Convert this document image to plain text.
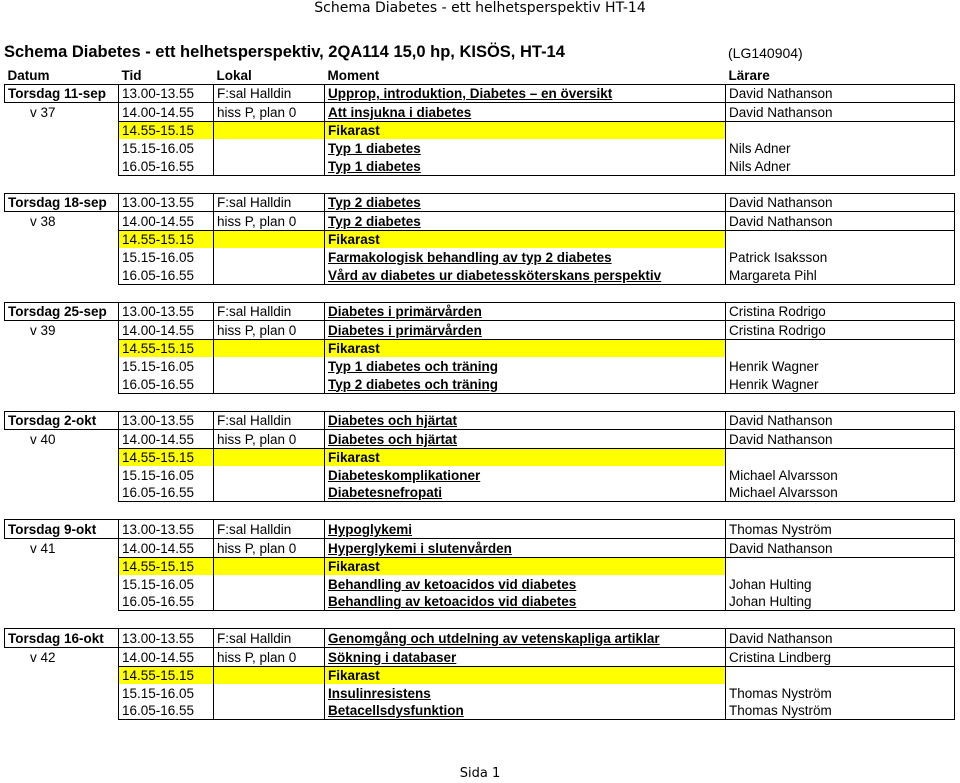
Schema Diabetes - ett helhetsperspektiv HT-14
Schema Diabetes - ett helhetsperspektiv, 2QA114 15,0 hp, KISÖS, HT-14	(LG140904)
Datum	Tid	Lokal	Moment	Lärare
Torsdag 11-sep	13.00-13.55	F:sal Halldin	Upprop, introduktion, Diabetes – en översikt	David Nathanson
v 37	14.00-14.55	hiss P, plan 0	Att insjukna i diabetes	David Nathanson
	14.55-15.15		Fikarast	
	15.15-16.05		Typ 1 diabetes	Nils Adner
	16.05-16.55		Typ 1 diabetes	Nils Adner

Torsdag 18-sep	13.00-13.55	F:sal Halldin	Typ 2 diabetes	David Nathanson
v 38	14.00-14.55	hiss P, plan 0	Typ 2 diabetes	David Nathanson
	14.55-15.15		Fikarast	
	15.15-16.05		Farmakologisk behandling av typ 2 diabetes	Patrick Isaksson
	16.05-16.55		Vård av diabetes ur diabetessköterskans perspektiv	Margareta Pihl

Torsdag 25-sep	13.00-13.55	F:sal Halldin	Diabetes i primärvården	Cristina Rodrigo
v 39	14.00-14.55	hiss P, plan 0	Diabetes i primärvården	Cristina Rodrigo
	14.55-15.15		Fikarast	
	15.15-16.05		Typ 1 diabetes och träning	Henrik Wagner
	16.05-16.55		Typ 2 diabetes och träning	Henrik Wagner

Torsdag 2-okt	13.00-13.55	F:sal Halldin	Diabetes och hjärtat	David Nathanson
v 40	14.00-14.55	hiss P, plan 0	Diabetes och hjärtat	David Nathanson
	14.55-15.15		Fikarast	
	15.15-16.05		Diabeteskomplikationer	Michael Alvarsson
	16.05-16.55		Diabetesnefropati	Michael Alvarsson

Torsdag 9-okt	13.00-13.55	F:sal Halldin	Hypoglykemi	Thomas Nyström
v 41	14.00-14.55	hiss P, plan 0	Hyperglykemi i slutenvården	David Nathanson
	14.55-15.15		Fikarast	
	15.15-16.05		Behandling av ketoacidos vid diabetes	Johan Hulting
	16.05-16.55		Behandling av ketoacidos vid diabetes	Johan Hulting

Torsdag 16-okt	13.00-13.55	F:sal Halldin	Genomgång och utdelning av vetenskapliga artiklar	David Nathanson
v 42	14.00-14.55	hiss P, plan 0	Sökning i databaser	Cristina Lindberg
	14.55-15.15		Fikarast	
	15.15-16.05		Insulinresistens	Thomas Nyström
	16.05-16.55		Betacellsdysfunktion	Thomas Nyström
Sida 1
